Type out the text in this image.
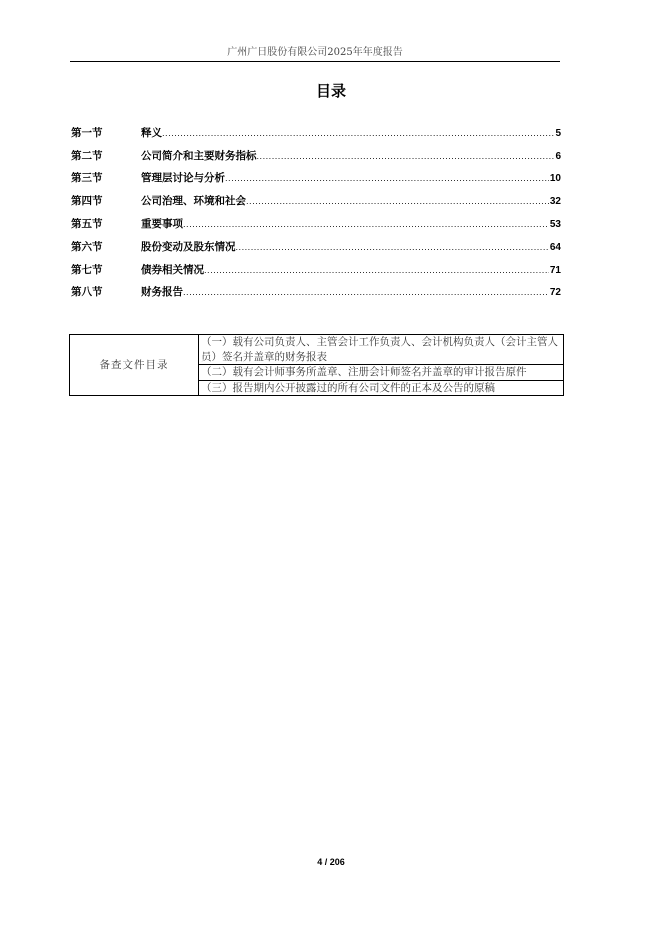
广州广日股份有限公司2025年年度报告
目录
第一节	释义 .....	5
第二节	公司简介和主要财务指标 .....	6
第三节	管理层讨论与分析 .....	10
第四节	公司治理、环境和社会 .....	32
第五节	重要事项 .....	53
第六节	股份变动及股东情况 .....	64
第七节	债券相关情况 .....	71
第八节	财务报告 .....	72
备查文件目录	（一）载有公司负责人、主管会计工作负责人、会计机构负责人（会计主管人员）签名并盖章的财务报表
（二）载有会计师事务所盖章、注册会计师签名并盖章的审计报告原件
（三）报告期内公开披露过的所有公司文件的正本及公告的原稿
4 / 206
